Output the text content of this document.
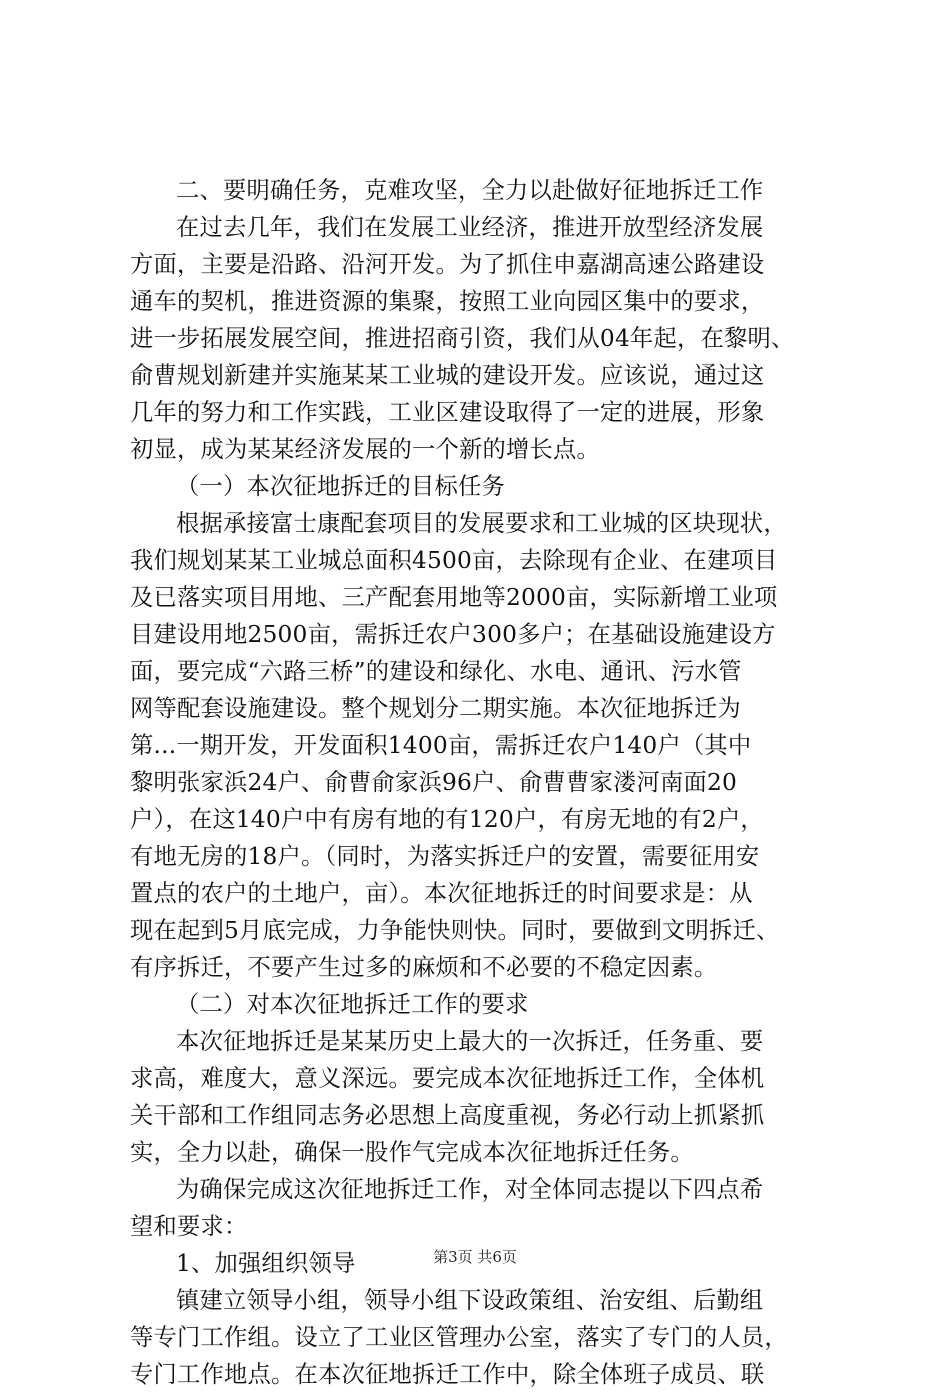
二、要明确任务，克难攻坚，全力以赴做好征地拆迁工作
在过去几年，我们在发展工业经济，推进开放型经济发展
方面，主要是沿路、沿河开发。为了抓住申嘉湖高速公路建设
通车的契机，推进资源的集聚，按照工业向园区集中的要求，
进一步拓展发展空间，推进招商引资，我们从04年起，在黎明、
俞曹规划新建并实施某某工业城的建设开发。应该说，通过这
几年的努力和工作实践，工业区建设取得了一定的进展，形象
初显，成为某某经济发展的一个新的增长点。
（一）本次征地拆迁的目标任务
根据承接富士康配套项目的发展要求和工业城的区块现状，
我们规划某某工业城总面积4500亩，去除现有企业、在建项目
及已落实项目用地、三产配套用地等2000亩，实际新增工业项
目建设用地2500亩，需拆迁农户300多户；在基础设施建设方
面，要完成“六路三桥”的建设和绿化、水电、通讯、污水管
网等配套设施建设。整个规划分二期实施。本次征地拆迁为
第...一期开发，开发面积1400亩，需拆迁农户140户（其中
黎明张家浜24户、俞曹俞家浜96户、俞曹曹家溇河南面20
户），在这140户中有房有地的有120户，有房无地的有2户，
有地无房的18户。（同时，为落实拆迁户的安置，需要征用安
置点的农户的土地户，亩）。本次征地拆迁的时间要求是：从
现在起到5月底完成，力争能快则快。同时，要做到文明拆迁、
有序拆迁，不要产生过多的麻烦和不必要的不稳定因素。
（二）对本次征地拆迁工作的要求
本次征地拆迁是某某历史上最大的一次拆迁，任务重、要
求高，难度大，意义深远。要完成本次征地拆迁工作，全体机
关干部和工作组同志务必思想上高度重视，务必行动上抓紧抓
实，全力以赴，确保一股作气完成本次征地拆迁任务。
为确保完成这次征地拆迁工作，对全体同志提以下四点希
望和要求：
1、加强组织领导
镇建立领导小组，领导小组下设政策组、治安组、后勤组
等专门工作组。设立了工业区管理办公室，落实了专门的人员，
专门工作地点。在本次征地拆迁工作中，除全体班子成员、联
第3页 共6页
